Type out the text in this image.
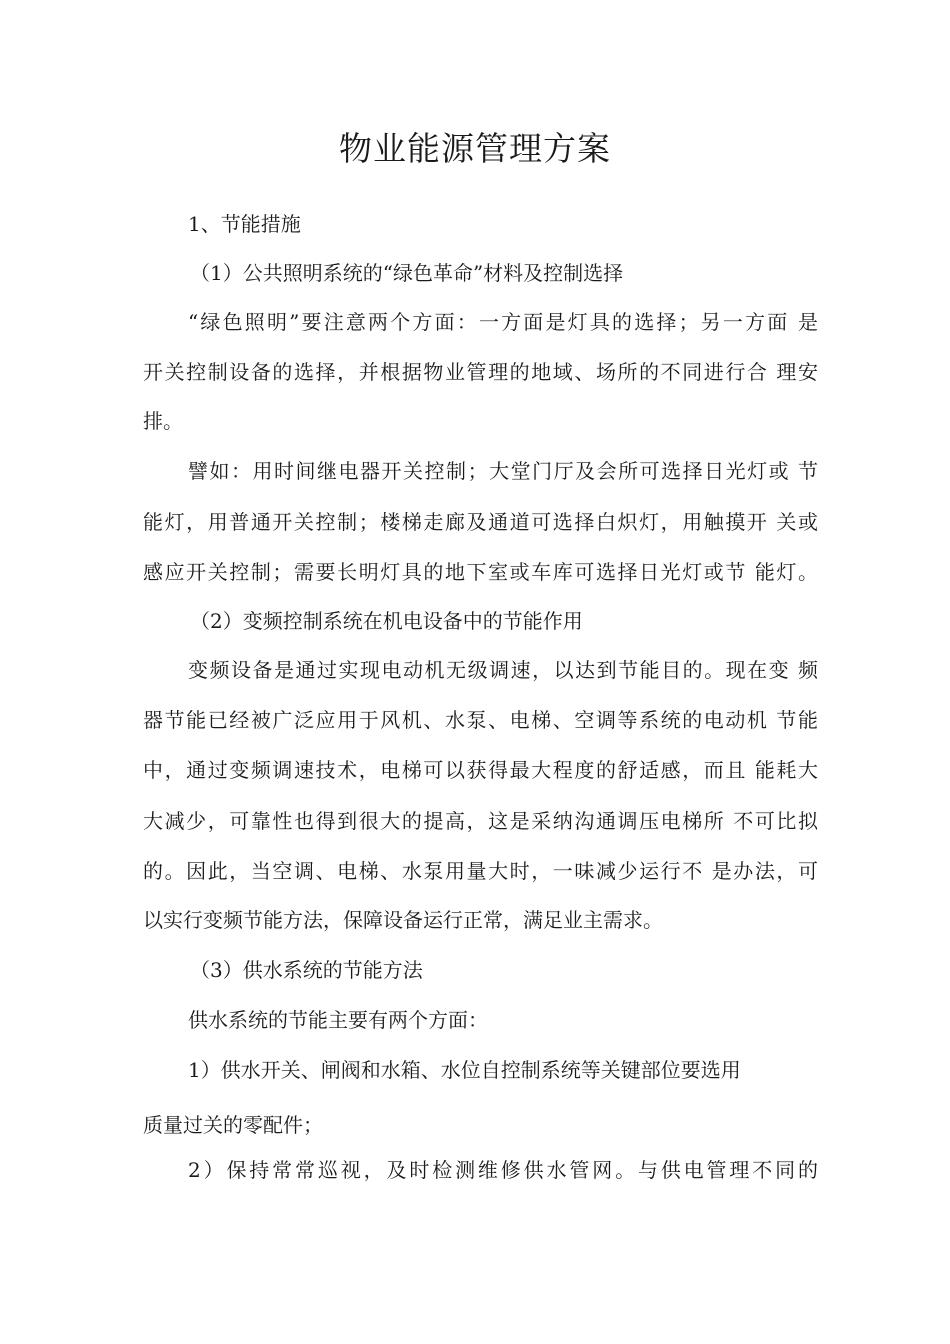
物业能源管理方案
1、节能措施
（1）公共照明系统的“绿色革命”材料及控制选择
“绿色照明”要注意两个方面：一方面是灯具的选择；另一方面 是
开关控制设备的选择，并根据物业管理的地域、场所的不同进行合 理安
排。
譬如：用时间继电器开关控制；大堂门厅及会所可选择日光灯或 节
能灯，用普通开关控制；楼梯走廊及通道可选择白炽灯，用触摸开 关或
感应开关控制；需要长明灯具的地下室或车库可选择日光灯或节 能灯。
（2）变频控制系统在机电设备中的节能作用
变频设备是通过实现电动机无级调速，以达到节能目的。现在变 频
器节能已经被广泛应用于风机、水泵、电梯、空调等系统的电动机 节能
中，通过变频调速技术，电梯可以获得最大程度的舒适感，而且 能耗大
大减少，可靠性也得到很大的提高，这是采纳沟通调压电梯所 不可比拟
的。因此，当空调、电梯、水泵用量大时，一味减少运行不 是办法，可
以实行变频节能方法，保障设备运行正常，满足业主需求。
（3）供水系统的节能方法
供水系统的节能主要有两个方面：
1）供水开关、闸阀和水箱、水位自控制系统等关键部位要选用
质量过关的零配件；
2）保持常常巡视，及时检测维修供水管网。与供电管理不同的
